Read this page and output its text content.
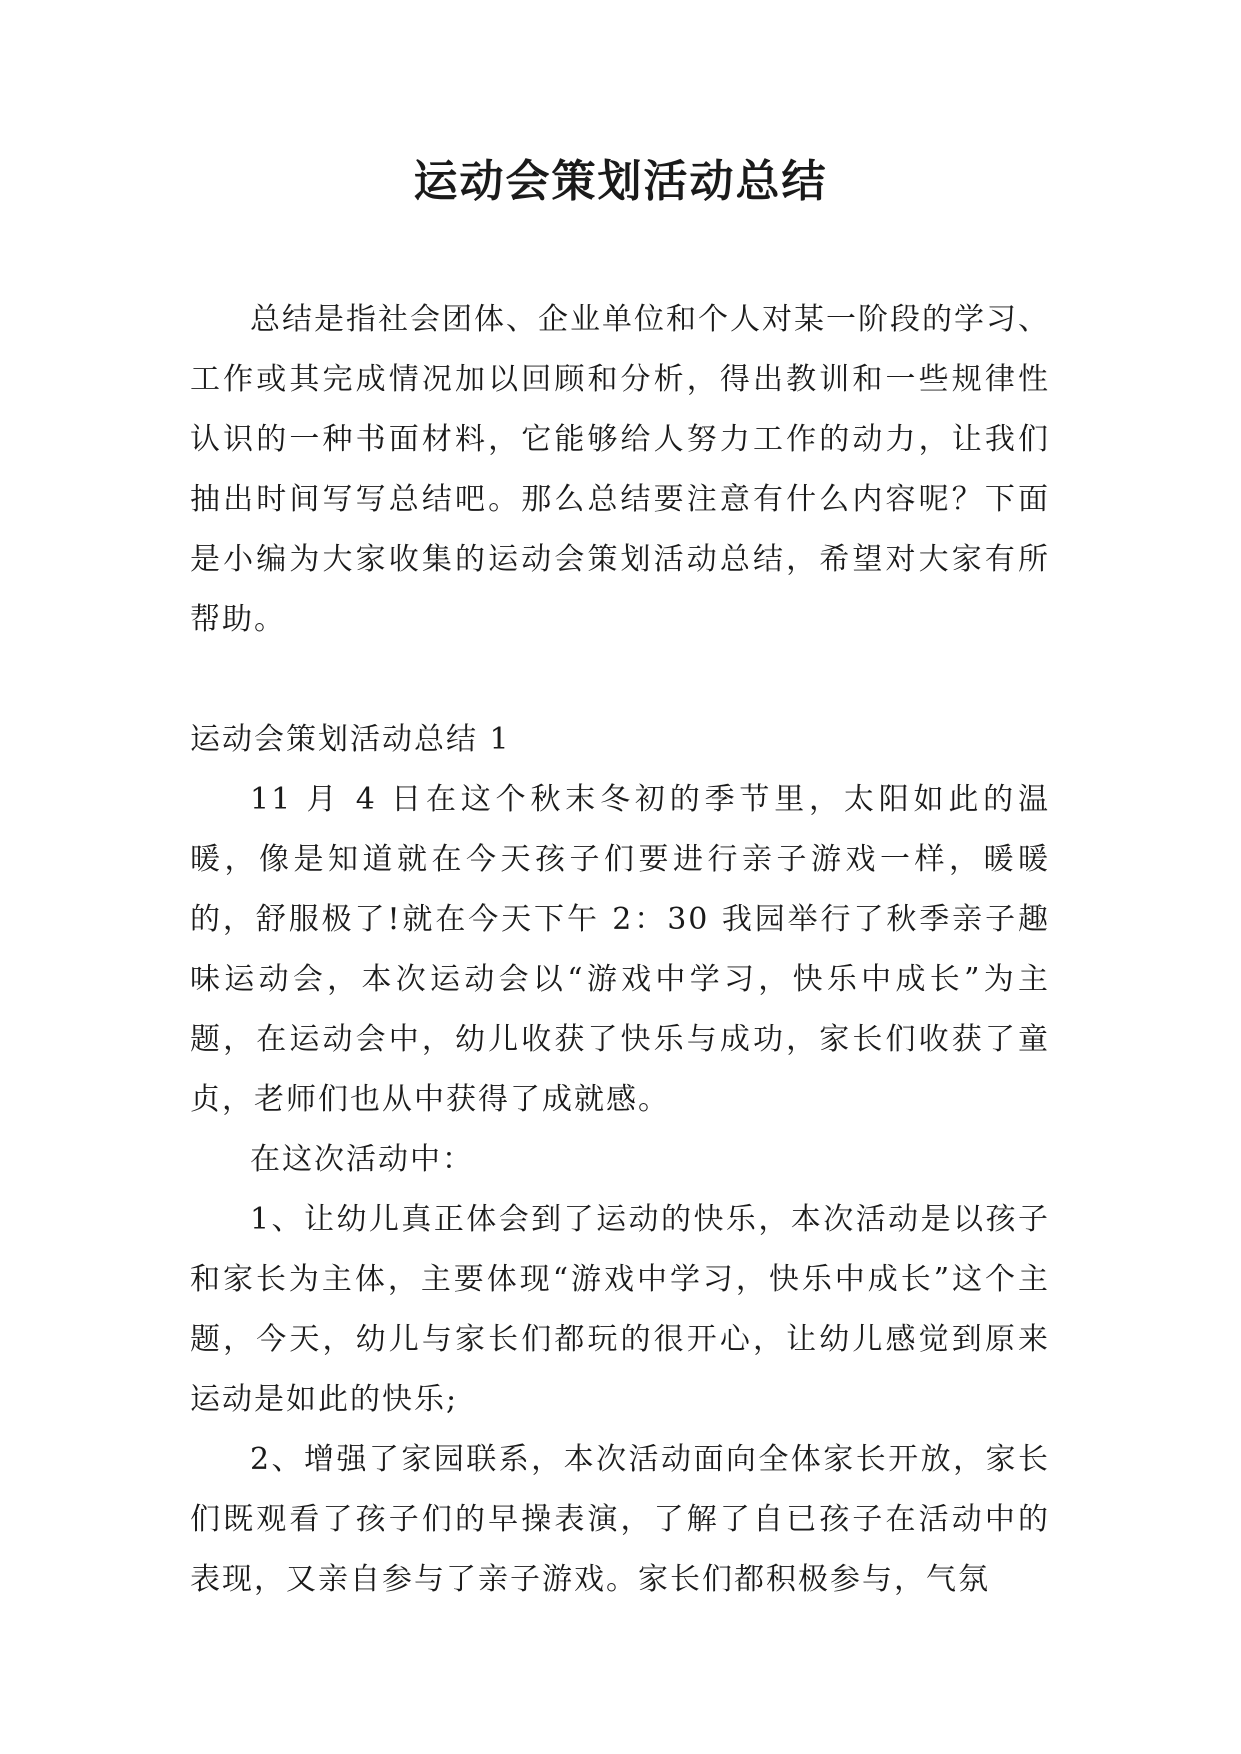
运动会策划活动总结

总结是指社会团体、企业单位和个人对某一阶段的学习、工作或其完成情况加以回顾和分析，得出教训和一些规律性认识的一种书面材料，它能够给人努力工作的动力，让我们抽出时间写写总结吧。那么总结要注意有什么内容呢？下面是小编为大家收集的运动会策划活动总结，希望对大家有所帮助。

运动会策划活动总结 1

11 月 4 日在这个秋末冬初的季节里，太阳如此的温暖，像是知道就在今天孩子们要进行亲子游戏一样，暖暖的，舒服极了!就在今天下午 2：30 我园举行了秋季亲子趣味运动会，本次运动会以“游戏中学习，快乐中成长”为主题，在运动会中，幼儿收获了快乐与成功，家长们收获了童贞，老师们也从中获得了成就感。

在这次活动中：

1、让幼儿真正体会到了运动的快乐，本次活动是以孩子和家长为主体，主要体现“游戏中学习，快乐中成长”这个主题，今天，幼儿与家长们都玩的很开心，让幼儿感觉到原来运动是如此的快乐;

2、增强了家园联系，本次活动面向全体家长开放，家长们既观看了孩子们的早操表演，了解了自已孩子在活动中的表现，又亲自参与了亲子游戏。家长们都积极参与，气氛
